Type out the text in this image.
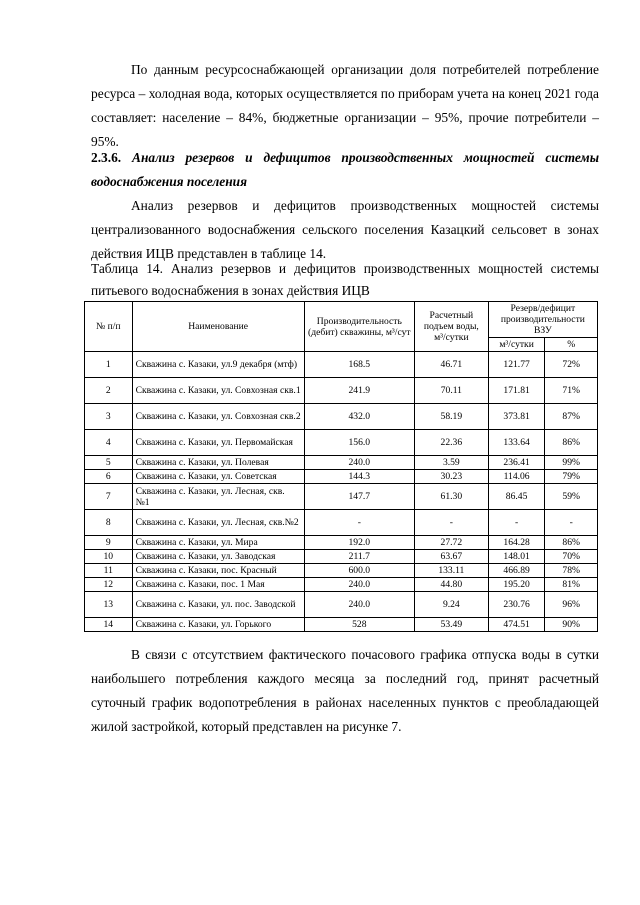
По данным ресурсоснабжающей организации доля потребителей потребление ресурса – холодная вода, которых осуществляется по приборам учета на конец 2021 года составляет: население – 84%, бюджетные организации – 95%, прочие потребители – 95%.
2.3.6. Анализ резервов и дефицитов производственных мощностей системы водоснабжения поселения
Анализ резервов и дефицитов производственных мощностей системы централизованного водоснабжения сельского поселения Казацкий сельсовет в зонах действия ИЦВ представлен в таблице 14.
Таблица 14. Анализ резервов и дефицитов производственных мощностей системы питьевого водоснабжения в зонах действия ИЦВ
№ п/п	Наименование	Производительность (дебит) скважины, м³/сут	Расчетный подъем воды, м³/сутки	Резерв/дефицит производительности ВЗУ	
				м³/сутки	%
1	Скважина с. Казаки, ул.9 декабря (мтф)	168.5	46.71	121.77	72%
2	Скважина с. Казаки, ул. Совхозная скв.1	241.9	70.11	171.81	71%
3	Скважина с. Казаки, ул. Совхозная скв.2	432.0	58.19	373.81	87%
4	Скважина с. Казаки, ул. Первомайская	156.0	22.36	133.64	86%
5	Скважина с. Казаки, ул. Полевая	240.0	3.59	236.41	99%
6	Скважина с. Казаки, ул. Советская	144.3	30.23	114.06	79%
7	Скважина с. Казаки, ул. Лесная, скв. №1	147.7	61.30	86.45	59%
8	Скважина с. Казаки, ул. Лесная, скв.№2	-	-	-	-
9	Скважина с. Казаки, ул. Мира	192.0	27.72	164.28	86%
10	Скважина с. Казаки, ул. Заводская	211.7	63.67	148.01	70%
11	Скважина с. Казаки, пос. Красный	600.0	133.11	466.89	78%
12	Скважина с. Казаки, пос. 1 Мая	240.0	44.80	195.20	81%
13	Скважина с. Казаки, ул. пос. Заводской	240.0	9.24	230.76	96%
14	Скважина с. Казаки, ул. Горького	528	53.49	474.51	90%
В связи с отсутствием фактического почасового графика отпуска воды в сутки наибольшего потребления каждого месяца за последний год, принят расчетный суточный график водопотребления в районах населенных пунктов с преобладающей жилой застройкой, который представлен на рисунке 7.
